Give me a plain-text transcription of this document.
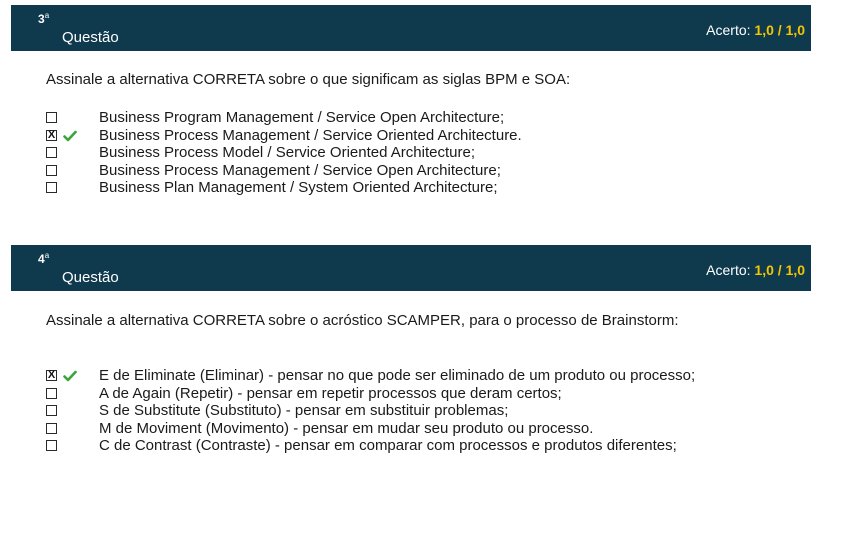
3$^a$
Questão	Acerto: 1,0 / 1,0
Assinale a alternativa CORRETA sobre o que significam as siglas BPM e SOA:
Business Program Management / Service Open Architecture;
X	Business Process Management / Service Oriented Architecture.
Business Process Model / Service Oriented Architecture;
Business Process Management / Service Open Architecture;
Business Plan Management / System Oriented Architecture;
4$^a$
Questão	Acerto: 1,0 / 1,0
Assinale a alternativa CORRETA sobre o acróstico SCAMPER, para o processo de Brainstorm:
X	E de Eliminate (Eliminar) - pensar no que pode ser eliminado de um produto ou processo;
A de Again (Repetir) - pensar em repetir processos que deram certos;
S de Substitute (Substituto) - pensar em substituir problemas;
M de Moviment (Movimento) - pensar em mudar seu produto ou processo.
C de Contrast (Contraste) - pensar em comparar com processos e produtos diferentes;
